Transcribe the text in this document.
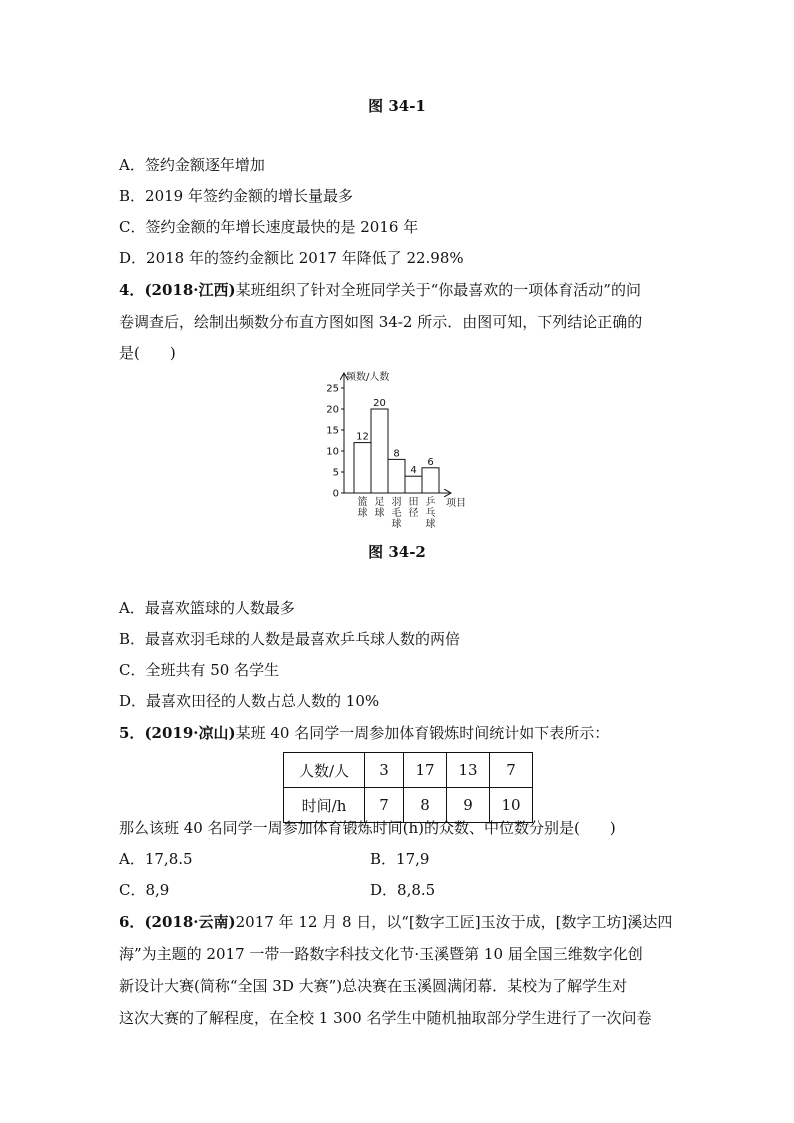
图 34-1
A．签约金额逐年增加
B．2019 年签约金额的增长量最多
C．签约金额的年增长速度最快的是 2016 年
D．2018 年的签约金额比 2017 年降低了 22.98%
4．(2018·江西)某班组织了针对全班同学关于“你最喜欢的一项体育活动”的问
卷调查后，绘制出频数分布直方图如图 34-2 所示．由图可知，下列结论正确的
是(　　)
频数/人数
项目
0
5
10
15
20
25
12
篮
球
20
足
球
8
羽
毛
球
4
田
径
6
乒
乓
球
图 34-2
A．最喜欢篮球的人数最多
B．最喜欢羽毛球的人数是最喜欢乒乓球人数的两倍
C．全班共有 50 名学生
D．最喜欢田径的人数占总人数的 10%
5．(2019·凉山)某班 40 名同学一周参加体育锻炼时间统计如下表所示：
人数/人	3	17	13	7
时间/h	7	8	9	10
那么该班 40 名同学一周参加体育锻炼时间(h)的众数、中位数分别是(　　)
A．17,8.5	B．17,9
C．8,9	D．8,8.5
6．(2018·云南)2017 年 12 月 8 日，以“[数字工匠]玉汝于成，[数字工坊]溪达四
海”为主题的 2017 一带一路数字科技文化节·玉溪暨第 10 届全国三维数字化创
新设计大赛(简称“全国 3D 大赛”)总决赛在玉溪圆满闭幕．某校为了解学生对
这次大赛的了解程度，在全校 1 300 名学生中随机抽取部分学生进行了一次问卷
